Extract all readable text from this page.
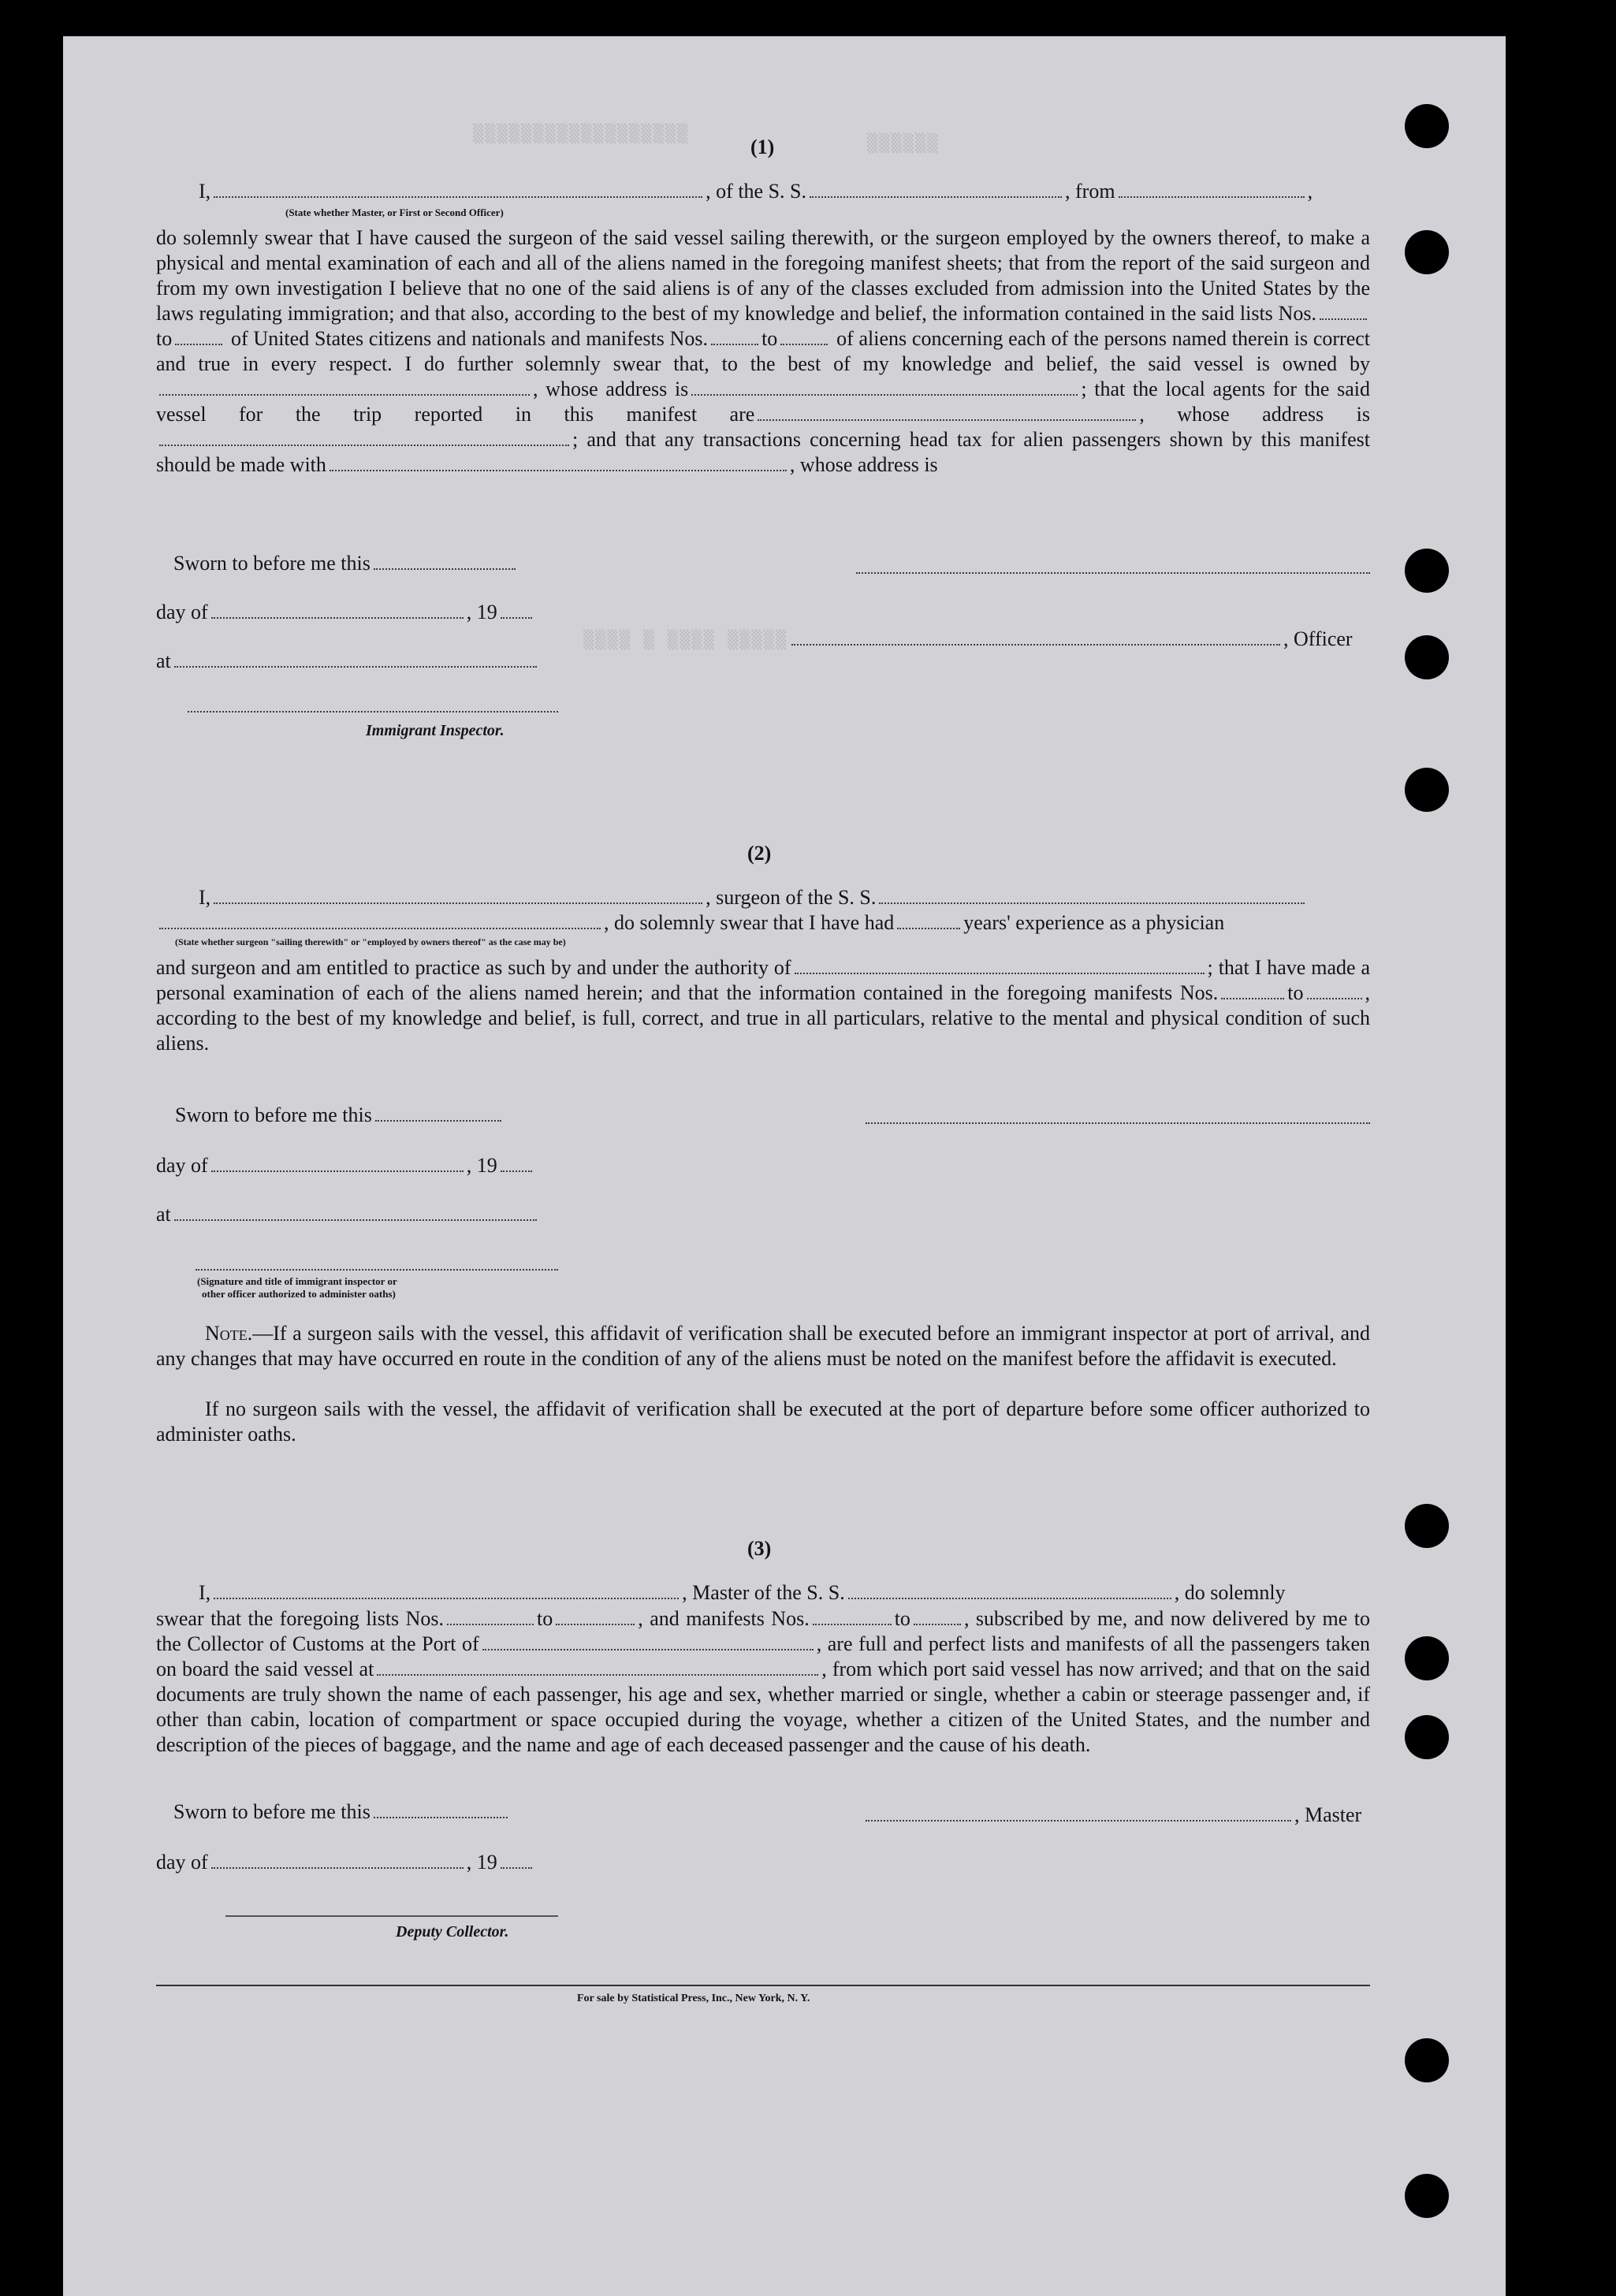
▒▒▒▒▒▒▒▒▒▒▒▒▒▒▒▒▒▒	▒▒▒▒▒▒
▒▒▒▒ ▒ ▒▒▒▒ ▒▒▒▒▒
(1)
I,	, of the S. S.	, from	,
(State whether Master, or First or Second Officer)
do solemnly swear that I have caused the surgeon of the said vessel sailing therewith, or the surgeon employed by the owners thereof, to make a physical and mental examination of each and all of the aliens named in the foregoing manifest sheets; that from the report of the said surgeon and from my own investigation I believe that no one of the said aliens is of any of the classes excluded from admission into the United States by the laws regulating immigration; and that also, according to the best of my knowledge and belief, the information contained in the said lists Nos.to	of United States citizens and nationals and manifests Nos.	to	of aliens concerning each of the persons named therein is correct and true in every respect. I do further solemnly swear that, to the best of my knowledge and belief, the said vessel is owned by, whose address is	; that the local agents for the said vessel for the trip reported in this manifest are	, whose address is; and that any transactions concerning head tax for alien passengers shown by this manifest should be made with	, whose address is
Sworn to before me this
day of	, 19
, Officer
at
Immigrant Inspector.
(2)
I,	, surgeon of the S. S.
, do solemnly swear that I have had	years' experience as a physician
(State whether surgeon "sailing therewith" or "employed by owners thereof" as the case may be)
and surgeon and am entitled to practice as such by and under the authority of	; that I have made a personal examination of each of the aliens named herein; and that the information contained in the foregoing manifests Nos.	to	, according to the best of my knowledge and belief, is full, correct, and true in all particulars, relative to the mental and physical condition of such aliens.
Sworn to before me this
day of	, 19
at
(Signature and title of immigrant inspector or
other officer authorized to administer oaths)
Note.—If a surgeon sails with the vessel, this affidavit of verification shall be executed before an immigrant inspector at port of arrival, and any changes that may have occurred en route in the condition of any of the aliens must be noted on the manifest before the affidavit is executed.
If no surgeon sails with the vessel, the affidavit of verification shall be executed at the port of departure before some officer authorized to administer oaths.
(3)
I,	, Master of the S. S.	, do solemnly
swear that the foregoing lists Nos.	to	, and manifests Nos.	to	, subscribed by me, and now delivered by me to the Collector of Customs at the Port of	, are full and perfect lists and manifests of all the passengers taken on board the said vessel at	, from which port said vessel has now arrived; and that on the said documents are truly shown the name of each passenger, his age and sex, whether married or single, whether a cabin or steerage passenger and, if other than cabin, location of compartment or space occupied during the voyage, whether a citizen of the United States, and the number and description of the pieces of baggage, and the name and age of each deceased passenger and the cause of his death.
Sworn to before me this	, Master
day of	, 19
Deputy Collector.
For sale by Statistical Press, Inc., New York, N. Y.
